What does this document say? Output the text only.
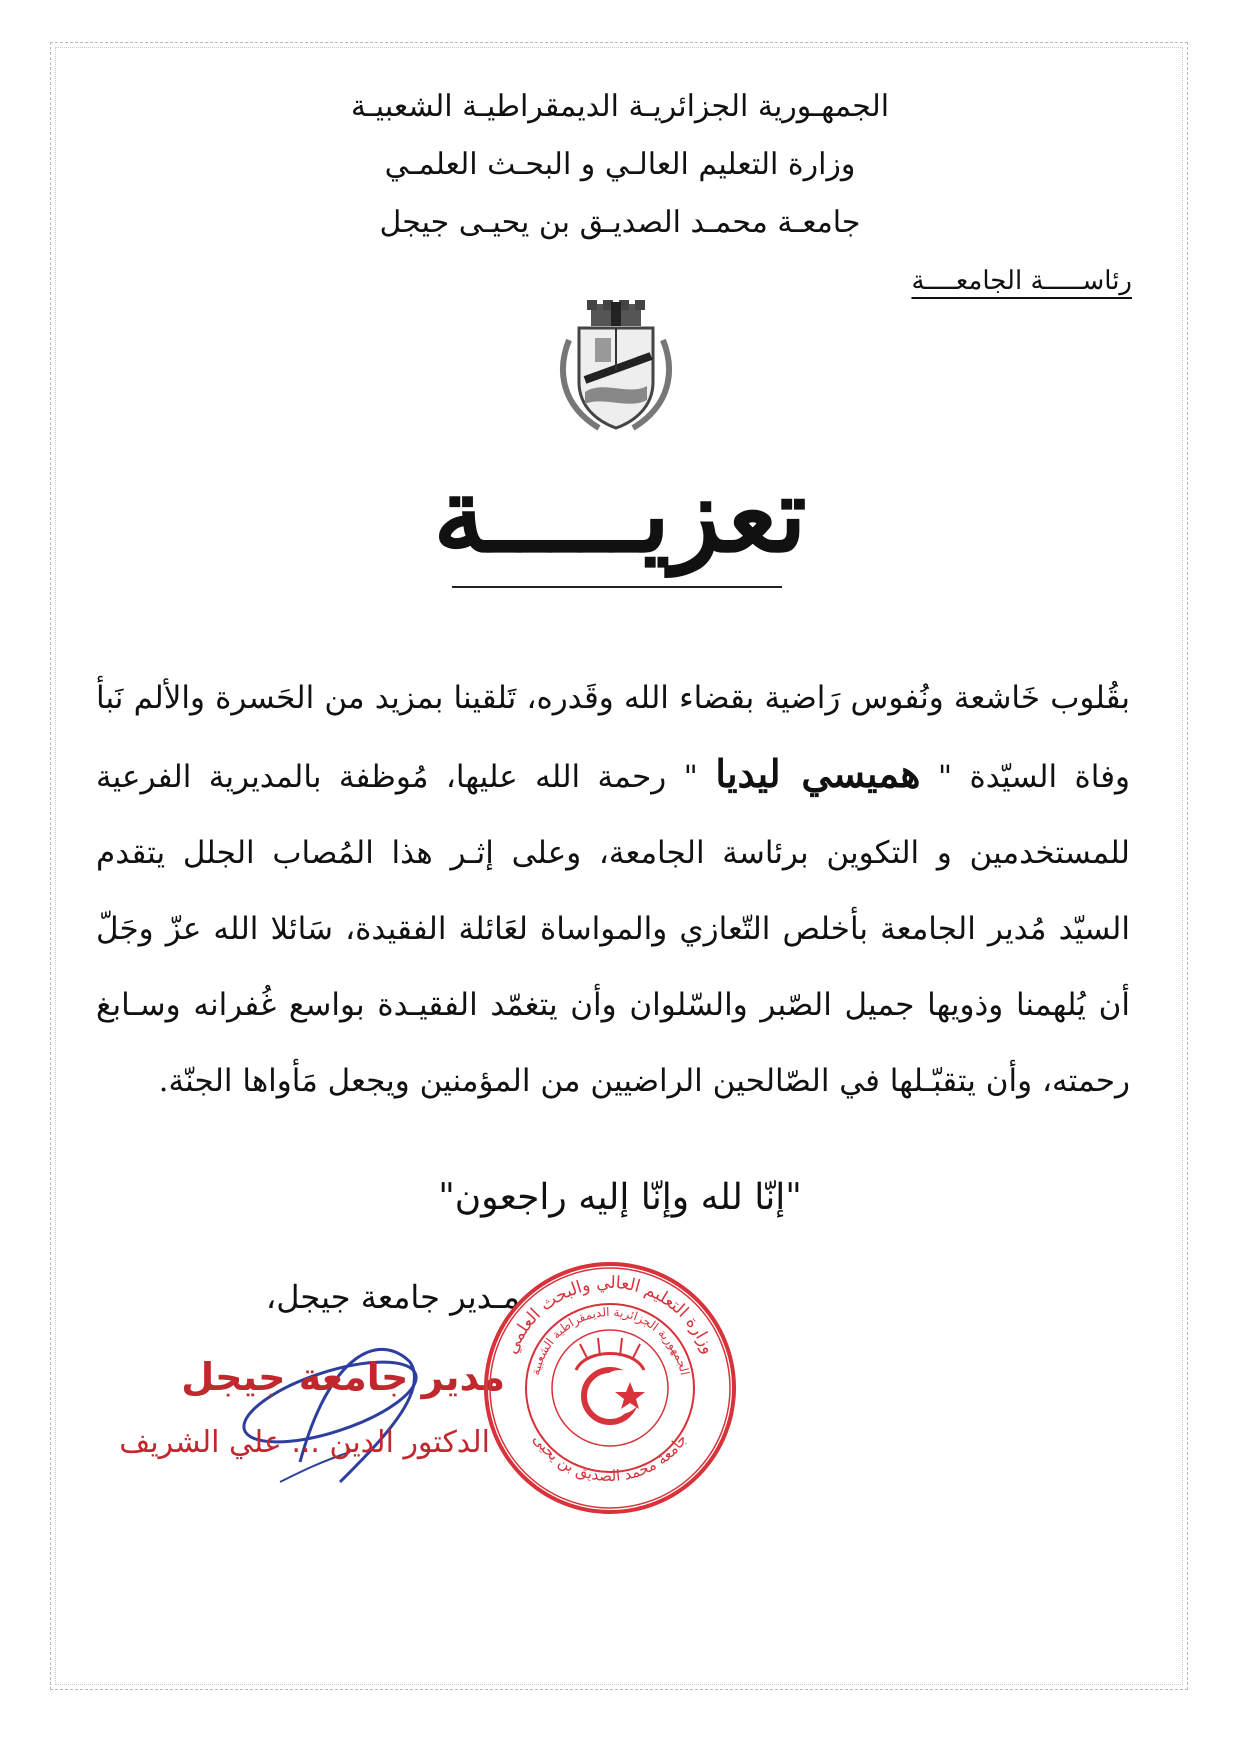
الجمهـورية الجزائريـة الديمقراطيـة الشعبيـة
وزارة التعليم العالـي و البحـث العلمـي
جامعـة محمـد الصديـق بن يحيـى جيجل
رئاســـــة الجامعــــة
تعزيـــــة

بقُلوب خَاشعة ونُفوس رَاضية بقضاء الله وقَدره، تَلقينا بمزيد من الحَسرة والألم نَبأ وفاة السيّدة " هميسي ليديا " رحمة الله عليها، مُوظفة بالمديرية الفرعية للمستخدمين و التكوين برئاسة الجامعة، وعلى إثـر هذا المُصاب الجلل يتقدم السيّد مُدير الجامعة بأخلص التّعازي والمواساة لعَائلة الفقيدة، سَائلا الله عزّ وجَلّ أن يُلهمنا وذويها جميل الصّبر والسّلوان وأن يتغمّد الفقيـدة بواسع غُفرانه وسـابغ رحمته، وأن يتقبّـلها في الصّالحين الراضيين من المؤمنين ويجعل مَأواها الجنّة.

"إنّا لله وإنّا إليه راجعون"
مـدير جامعة جيجل،
مدير جامعة جيجل
الدكتور الدين ... علي الشريف
وزارة التعليم العالي والبحث العلمي
جامعة محمد الصديق بن يحيى
الجمهورية الجزائرية الديمقراطية الشعبية
